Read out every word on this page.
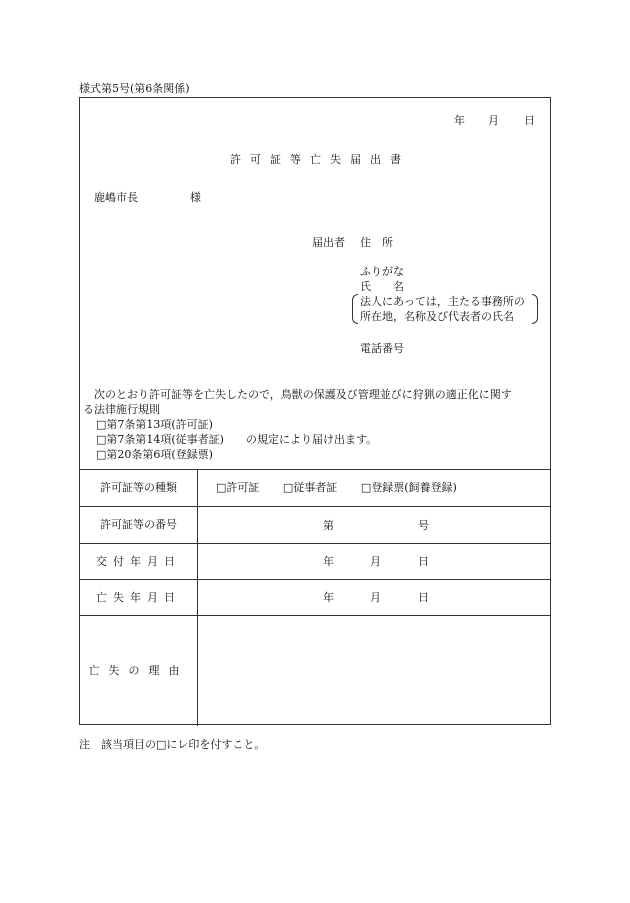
様式第5号(第6条関係)
年 月 日
許可証等亡失届出書
鹿嶋市長	様
届出者 住　所
ふりがな
氏　　名
法人にあっては，主たる事務所の
所在地，名称及び代表者の氏名
電話番号
次のとおり許可証等を亡失したので，鳥獣の保護及び管理並びに狩猟の適正化に関す
る法律施行規則
□第7条第13項(許可証)
□第7条第14項(従事者証) の規定により届け出ます。
□第20条第6項(登録票)
許可証等の種類	□許可証 □従事者証 □登録票(飼養登録)

許可証等の番号	第 号

交付年月日	年 月 日

亡失年月日	年 月 日

亡失の理由	
注　該当項目の□にレ印を付すこと。
